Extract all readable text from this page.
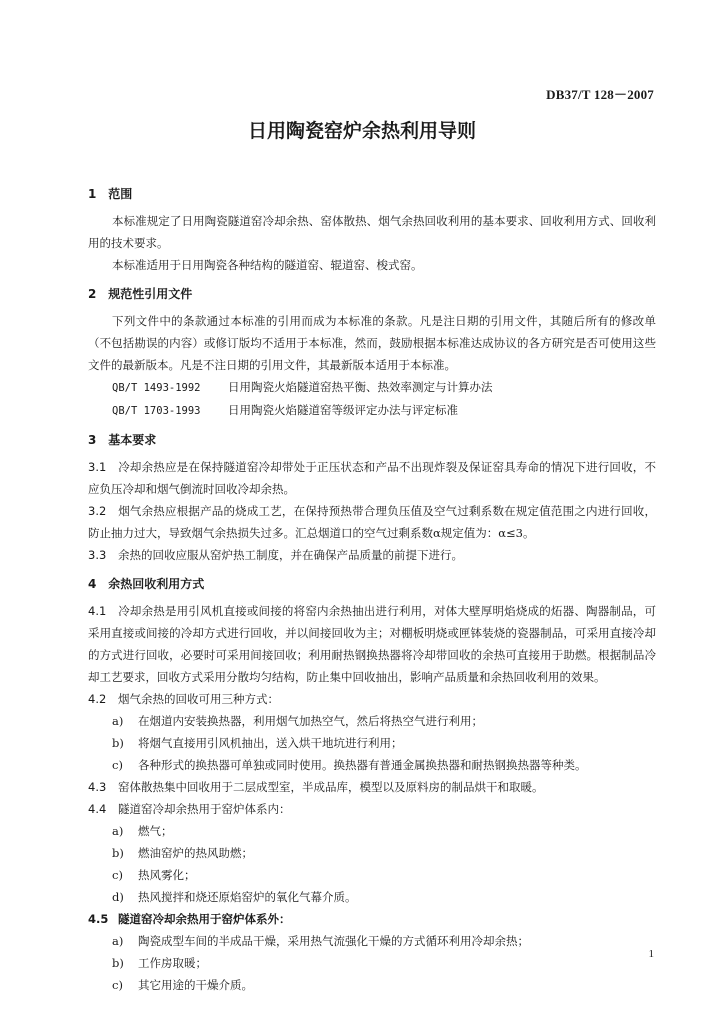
DB37/T 128－2007
日用陶瓷窑炉余热利用导则
1 范围

本标准规定了日用陶瓷隧道窑冷却余热、窑体散热、烟气余热回收利用的基本要求、回收利用方式、回收利用的技术要求。

本标准适用于日用陶瓷各种结构的隧道窑、辊道窑、梭式窑。

2 规范性引用文件

下列文件中的条款通过本标准的引用而成为本标准的条款。凡是注日期的引用文件，其随后所有的修改单（不包括勘误的内容）或修订版均不适用于本标准，然而，鼓励根据本标准达成协议的各方研究是否可使用这些文件的最新版本。凡是不注日期的引用文件，其最新版本适用于本标准。

QB/T 1493-1992 日用陶瓷火焰隧道窑热平衡、热效率测定与计算办法

QB/T 1703-1993 日用陶瓷火焰隧道窑等级评定办法与评定标准

3 基本要求

3.1 冷却余热应是在保持隧道窑冷却带处于正压状态和产品不出现炸裂及保证窑具寿命的情况下进行回收，不应负压冷却和烟气倒流时回收冷却余热。

3.2 烟气余热应根据产品的烧成工艺，在保持预热带合理负压值及空气过剩系数在规定值范围之内进行回收，防止抽力过大，导致烟气余热损失过多。汇总烟道口的空气过剩系数α规定值为：α≤3。

3.3 余热的回收应服从窑炉热工制度，并在确保产品质量的前提下进行。

4 余热回收利用方式

4.1 冷却余热是用引风机直接或间接的将窑内余热抽出进行利用，对体大壁厚明焰烧成的炻器、陶器制品，可采用直接或间接的冷却方式进行回收，并以间接回收为主；对棚板明烧或匣钵装烧的瓷器制品，可采用直接冷却的方式进行回收，必要时可采用间接回收；利用耐热钢换热器将冷却带回收的余热可直接用于助燃。根据制品冷却工艺要求，回收方式采用分散均匀结构，防止集中回收抽出，影响产品质量和余热回收利用的效果。

4.2 烟气余热的回收可用三种方式：

a) 在烟道内安装换热器，利用烟气加热空气，然后将热空气进行利用；

b) 将烟气直接用引风机抽出，送入烘干地坑进行利用；

c) 各种形式的换热器可单独或同时使用。换热器有普通金属换热器和耐热钢换热器等种类。

4.3 窑体散热集中回收用于二层成型室，半成品库，模型以及原料房的制品烘干和取暖。

4.4 隧道窑冷却余热用于窑炉体系内：

a) 燃气；

b) 燃油窑炉的热风助燃；

c) 热风雾化；

d) 热风搅拌和烧还原焰窑炉的氧化气幕介质。

4.5 隧道窑冷却余热用于窑炉体系外：

a) 陶瓷成型车间的半成品干燥，采用热气流强化干燥的方式循环利用冷却余热；

b) 工作房取暖；

c) 其它用途的干燥介质。

1
